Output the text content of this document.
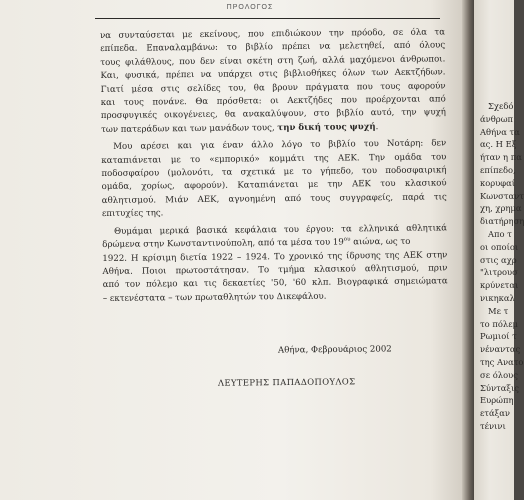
ΠΡΟΛΟΓΟΣ

να συνταύσεται με εκείνους, που επιδιώκουν την πρόοδο, σε όλα τα
επίπεδα. Επαναλαμβάνω: το βιβλίο πρέπει να μελετηθεί, από όλους
τους φιλάθλους, που δεν είναι σκέτη στη ζωή, αλλά μαχόμενοι άνθρωποι.
Και, φυσικά, πρέπει να υπάρχει στις βιβλιοθήκες όλων των Αεκτζήδων.
Γιατί μέσα στις σελίδες του, θα βρουν πράγματα που τους αφορούν
και τους πονάνε. Θα πρόσθετα: οι Αεκτζήδες που προέρχονται από
προσφυγικές οικογένειες, θα ανακαλύψουν, στο βιβλίο αυτό, την ψυχή
των πατεράδων και των μανάδων τους, την δική τους ψυχή.

Μου αρέσει και για έναν άλλο λόγο το βιβλίο του Νοτάρη: δεν
καταπιάνεται με το «εμπορικό» κομμάτι της ΑΕΚ. Την ομάδα του
ποδοσφαίρου (μολονότι, τα σχετικά με το γήπεδο, του ποδοσφαιρική
ομάδα, χορίως, αφορούν). Καταπιάνεται με την ΑΕΚ του κλασικού
αθλητισμού. Μιάν ΑΕΚ, αγνοημένη από τους συγγραφείς, παρά τις
επιτυχίες της.

Θυμάμαι μερικά βασικά κεφάλαια του έργου: τα ελληνικά αθλητικά
δρώμενα στην Κωνσταντινούπολη, από τα μέσα του $19^{o\upsilon}$ αιώνα, ως το
1922. Η κρίσιμη διετία 1922 – 1924. Το χρονικό της ίδρυσης της ΑΕΚ στην
Αθήνα. Ποιοι πρωτοστάτησαν. Το τμήμα κλασικού αθλητισμού, πριν
από τον πόλεμο και τις δεκαετίες '50, '60 κλπ. Βιογραφικά σημειώματα
– εκτενέστατα – των πρωταθλητών του Δικεφάλου.

Αθήνα, Φεβρουάριος 2002
ΛΕΥΤΕΡΗΣ ΠΑΠΑΔΟΠΟΥΛΟΣ
Σχεδό
άνθρωπ
Αθήνα τα
ας. Η Εξ
ήταν η πα
επίπεδο,
κορυφαί
Κωνσταντ
χη, χρημα
διατήρηση
Απο τ
οι οποίοι
στις αχρ
"λιτρουσ
κρύνεται
νικηκαλ
Με τ
το πόλεμ
Ρωμιοί τ
νέναντας
της Ανατο
σε όλους
Σύνταξις
Ευρώπη
ετάξαν
τένινι
